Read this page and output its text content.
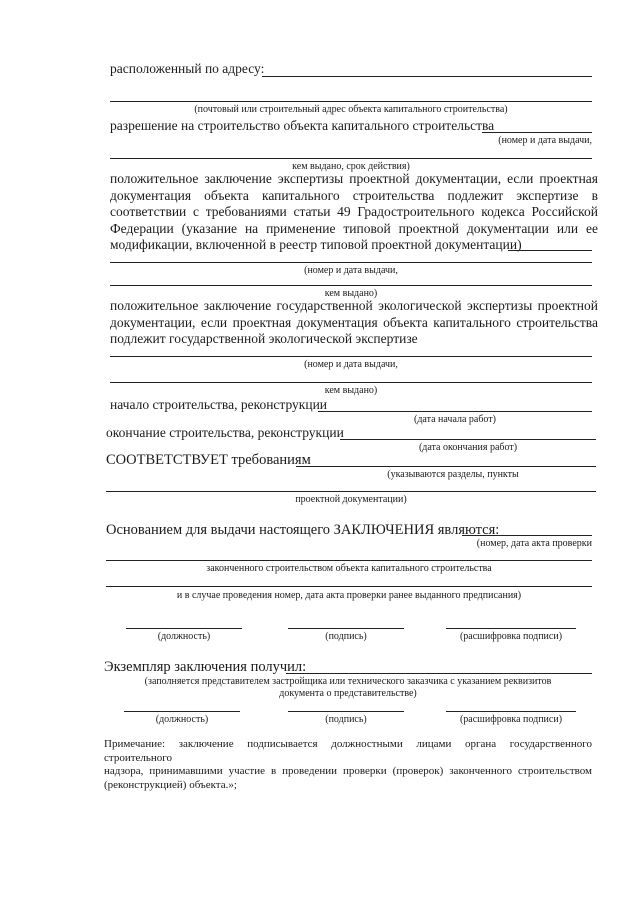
расположенный по адресу:
(почтовый или строительный адрес объекта капитального строительства)
разрешение на строительство объекта капитального строительства
(номер и дата выдачи,
кем выдано, срок действия)
положительное заключение экспертизы проектной документации, если проектная
документация объекта капитального строительства подлежит экспертизе в
соответствии с требованиями статьи 49 Градостроительного кодекса Российской
Федерации (указание на применение типовой проектной документации или ее
модификации, включенной в реестр типовой проектной документации)
(номер и дата выдачи,
кем выдано)
положительное заключение государственной экологической экспертизы проектной
документации, если проектная документация объекта капитального строительства
подлежит государственной экологической экспертизе
(номер и дата выдачи,
кем выдано)
начало строительства, реконструкции
(дата начала работ)
окончание строительства, реконструкции
(дата окончания работ)
СООТВЕТСТВУЕТ требованиям
(указываются разделы, пункты
проектной документации)
Основанием для выдачи настоящего ЗАКЛЮЧЕНИЯ являются:
(номер, дата акта проверки
законченного строительством объекта капитального строительства
и в случае проведения номер, дата акта проверки ранее выданного предписания)
(должность)	(подпись)	(расшифровка подписи)
Экземпляр заключения получил:
(заполняется представителем застройщика или технического заказчика с указанием реквизитов
документа о представительстве)
(должность)	(подпись)	(расшифровка подписи)
Примечание: заключение подписывается должностными лицами органа государственного строительного
надзора, принимавшими участие в проведении проверки (проверок) законченного строительством
(реконструкцией) объекта.»;
